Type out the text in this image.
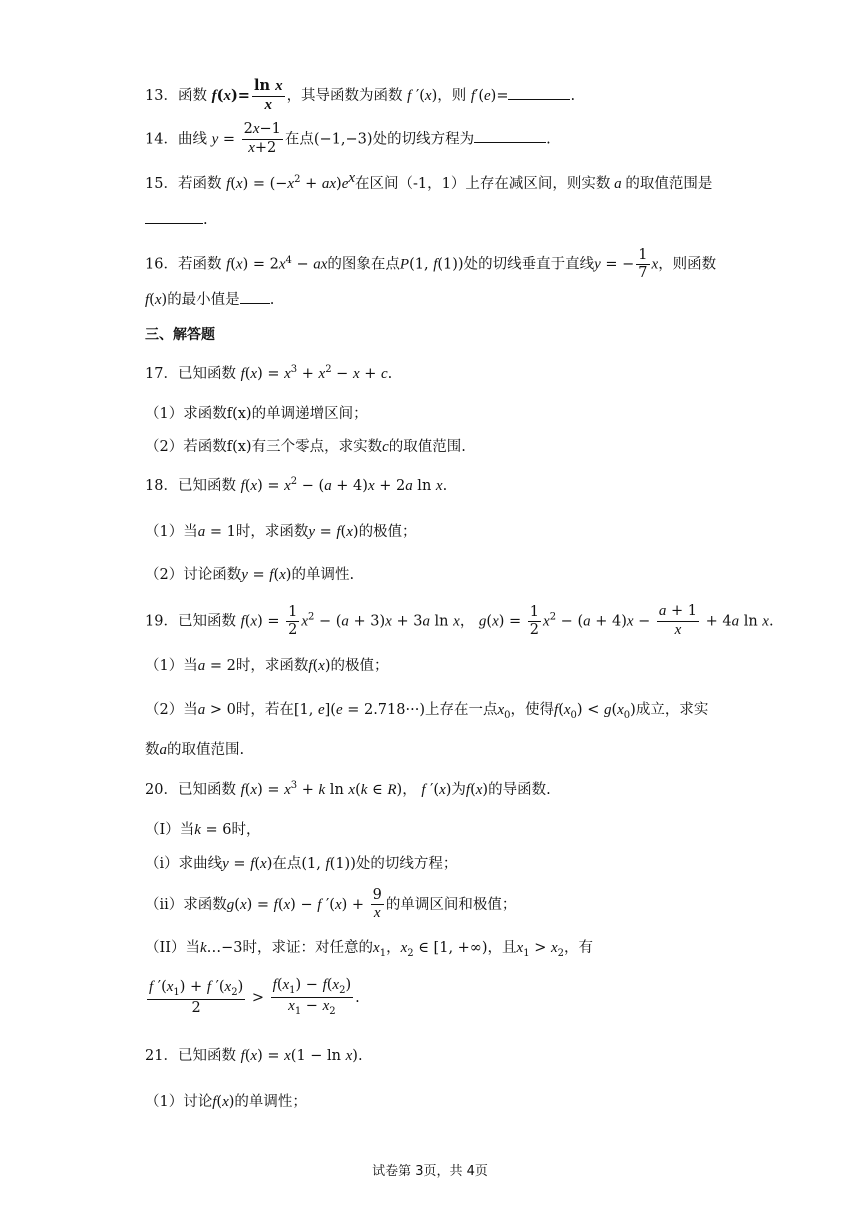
13．函数 $f(x)= \frac{\text{ln x}}{x}$ ，其导函数为函数 f ′(x)，则 f′(e)=	.
14．曲线 $y = \frac{2x-1}{x+2}$ 在点(−1,−3)处的切线方程为	.
15．若函数 $f(x) = (-x^2 + ax)e^x$在区间（-1，1）上存在减区间，则实数 a 的取值范围是
.
16．若函数 $f(x) = 2x^4$ − ax的图象在点P(1, f(1))处的切线垂直于直线y = − $\frac{1}{7}$ x，则函数
f(x)的最小值是 .
三、解答题
17．已知函数 $f(x) = x^3 + x^2 - x + c$.
（1）求函数f(x)的单调递增区间；
（2）若函数f(x)有三个零点，求实数c的取值范围.
18．已知函数 $f(x) = x^2 - (a + 4)x + 2a$ ln x.
（1）当a = 1时，求函数y = f(x)的极值；
（2）讨论函数y = f(x)的单调性.
19．已知函数 $f(x) = \frac{1}{2} x^2 - (a + 3)x + 3a$ ln x， $g(x) = \frac{1}{2} x^2 - (a + 4)x - \frac{a + 1}{x} + 4a$ ln x.
（1）当a = 2时，求函数f(x)的极值；
（2）当a > 0时，若在[1, e](e = 2.718···)上存在一点$x_0$，使得$f(x_0) < g(x_0)$成立，求实
数a的取值范围.
20．已知函数 $f(x) = x^3 + k$ ln x(k ∈ R)， f ′(x)为f(x)的导函数.
（I）当k = 6时，
（i）求曲线y = f(x)在点(1, f(1))处的切线方程；
（ii）求函数g(x) = f(x) − f $'(x) + \frac{9}{x}$ 的单调区间和极值；
（II）当k…−3时，求证：对任意的$x_1$，$x_2$ ∈ [1, +∞)，且$x_1 > x_2$，有
$\frac{f '(x_1) + f '(x_2)}{2} > \frac{f(x_1) - f(x_2)}{x_1 - x_2}$ .
21．已知函数 f(x) = x(1 − ln x).
（1）讨论f(x)的单调性；
试卷第 3页，共 4页
